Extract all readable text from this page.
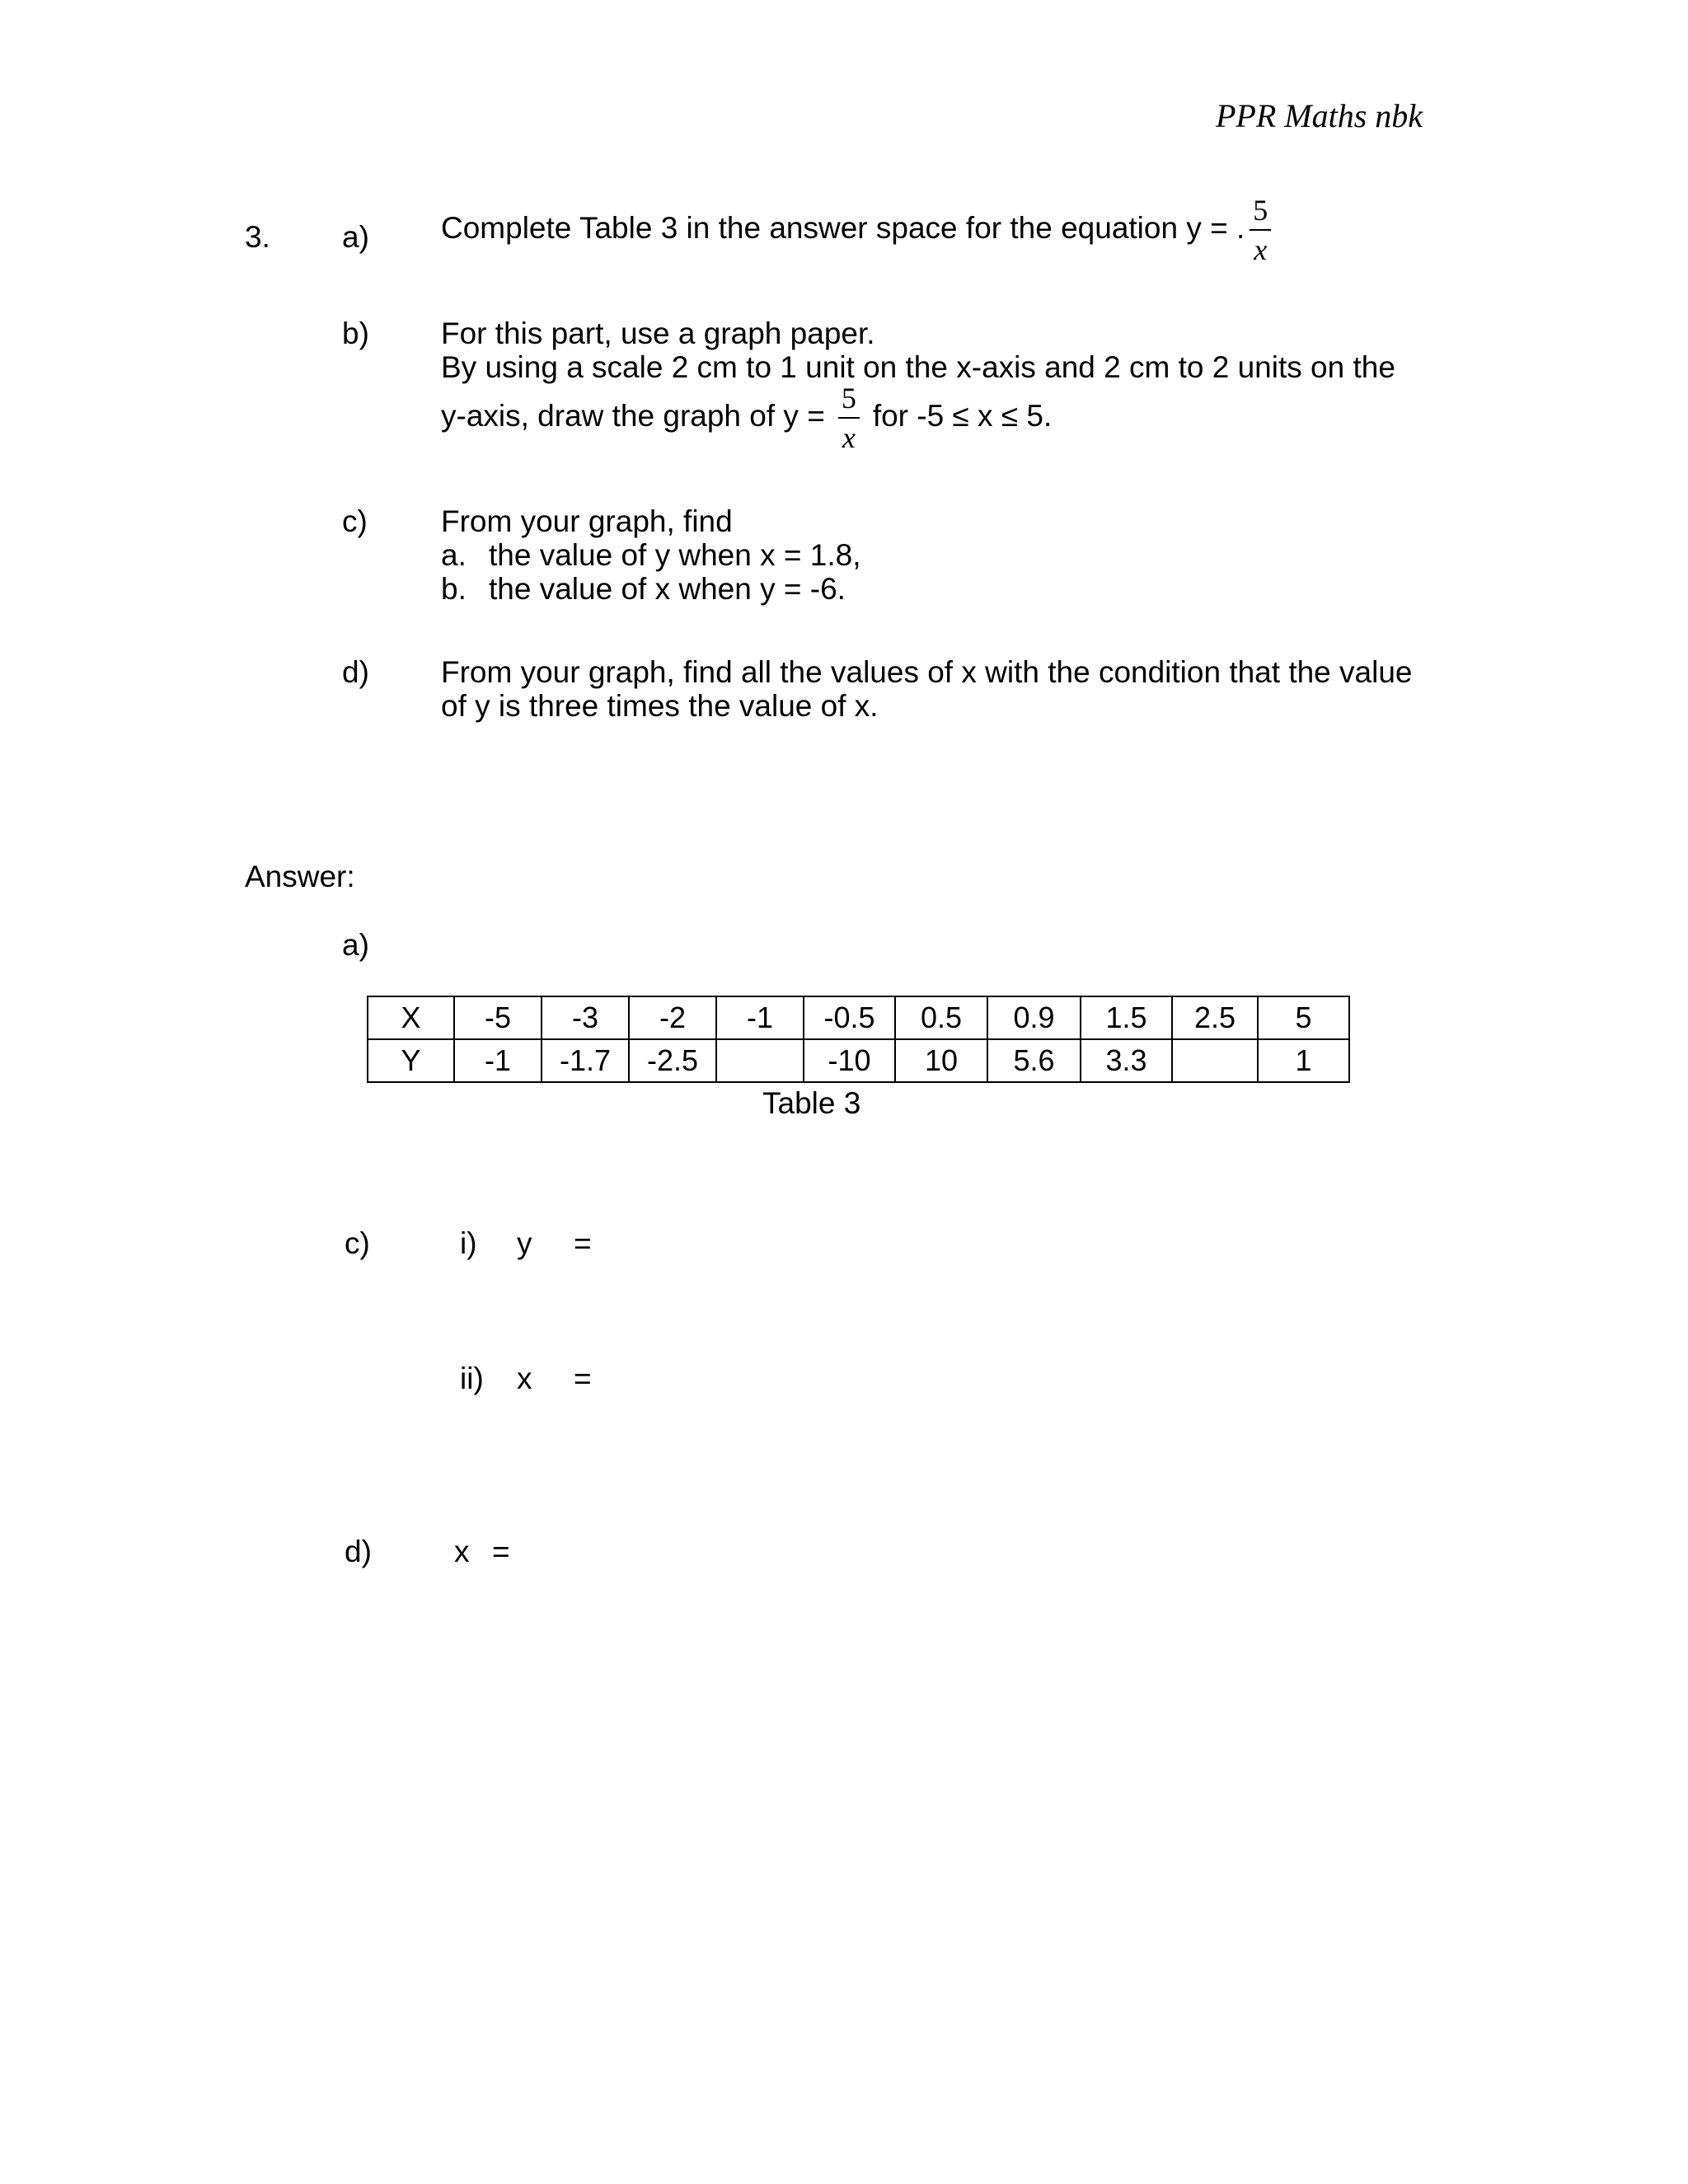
PPR Maths nbk
3. a) Complete Table 3 in the answer space for the equation y = . $\frac{5}{x}$
b) For this part, use a graph paper.
By using a scale 2 cm to 1 unit on the x-axis and 2 cm to 2 units on the
y-axis, draw the graph of $y = \frac{5}{x}$ for -5 ≤ x ≤ 5.
c) From your graph, find
a. the value of y when x = 1.8,
b. the value of x when y = -6.
d) From your graph, find all the values of x with the condition that the value
of y is three times the value of x.
Answer:
a)
X	-5	-3	-2	-1	-0.5	0.5	0.9	1.5	2.5	5
Y	-1	-1.7	-2.5		-10	10	5.6	3.3		1
Table 3
c)	i) y =
ii) x =
d)	x =
